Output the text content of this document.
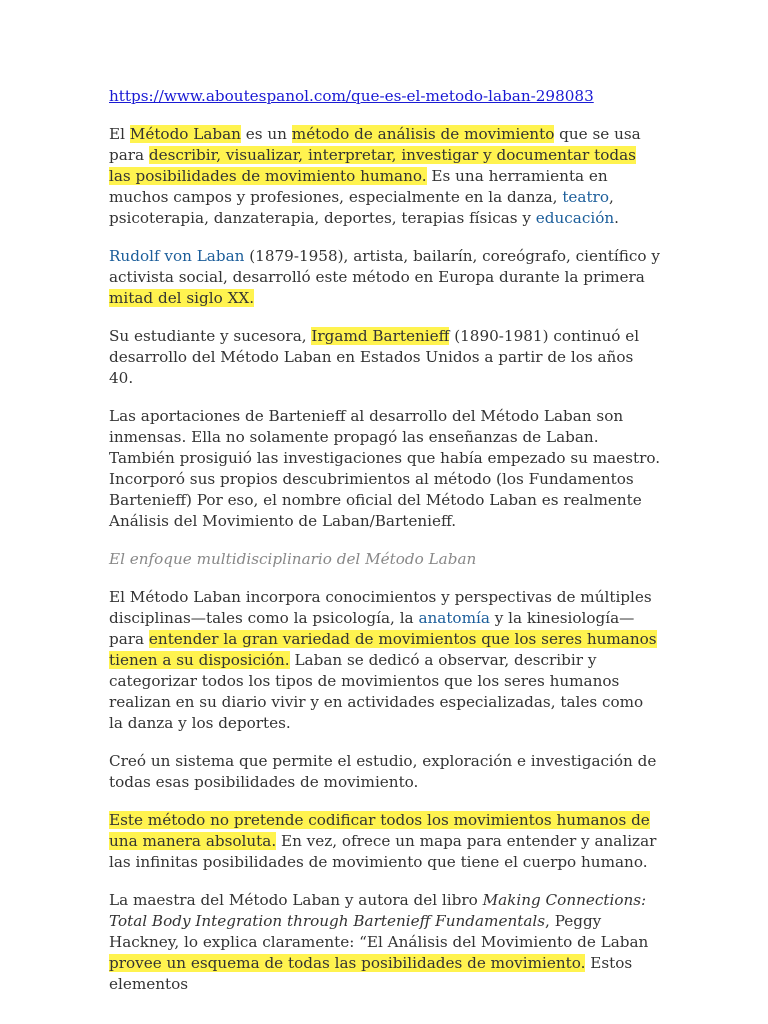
https://www.aboutespanol.com/que-es-el-metodo-laban-298083

El Método Laban es un método de análisis de movimiento que se usa para describir, visualizar, interpretar, investigar y documentar todas las posibilidades de movimiento humano. Es una herramienta en muchos campos y profesiones, especialmente en la danza, teatro, psicoterapia, danzaterapia, deportes, terapias físicas y educación.

Rudolf von Laban (1879-1958), artista, bailarín, coreógrafo, científico y activista social, desarrolló este método en Europa durante la primera mitad del siglo XX.

Su estudiante y sucesora, Irgamd Bartenieff (1890-1981) continuó el desarrollo del Método Laban en Estados Unidos a partir de los años 40.

Las aportaciones de Bartenieff al desarrollo del Método Laban son inmensas. Ella no solamente propagó las enseñanzas de Laban. También prosiguió las investigaciones que había empezado su maestro. Incorporó sus propios descubrimientos al método (los Fundamentos Bartenieff) Por eso, el nombre oficial del Método Laban es realmente Análisis del Movimiento de Laban/Bartenieff.

El enfoque multidisciplinario del Método Laban

El Método Laban incorpora conocimientos y perspectivas de múltiples disciplinas—tales como la psicología, la anatomía y la kinesiología—para entender la gran variedad de movimientos que los seres humanos tienen a su disposición. Laban se dedicó a observar, describir y categorizar todos los tipos de movimientos que los seres humanos realizan en su diario vivir y en actividades especializadas, tales como la danza y los deportes.

Creó un sistema que permite el estudio, exploración e investigación de todas esas posibilidades de movimiento.

Este método no pretende codificar todos los movimientos humanos de una manera absoluta. En vez, ofrece un mapa para entender y analizar las infinitas posibilidades de movimiento que tiene el cuerpo humano.

La maestra del Método Laban y autora del libro Making Connections: Total Body Integration through Bartenieff Fundamentals, Peggy Hackney, lo explica claramente: “El Análisis del Movimiento de Laban provee un esquema de todas las posibilidades de movimiento. Estos elementos
